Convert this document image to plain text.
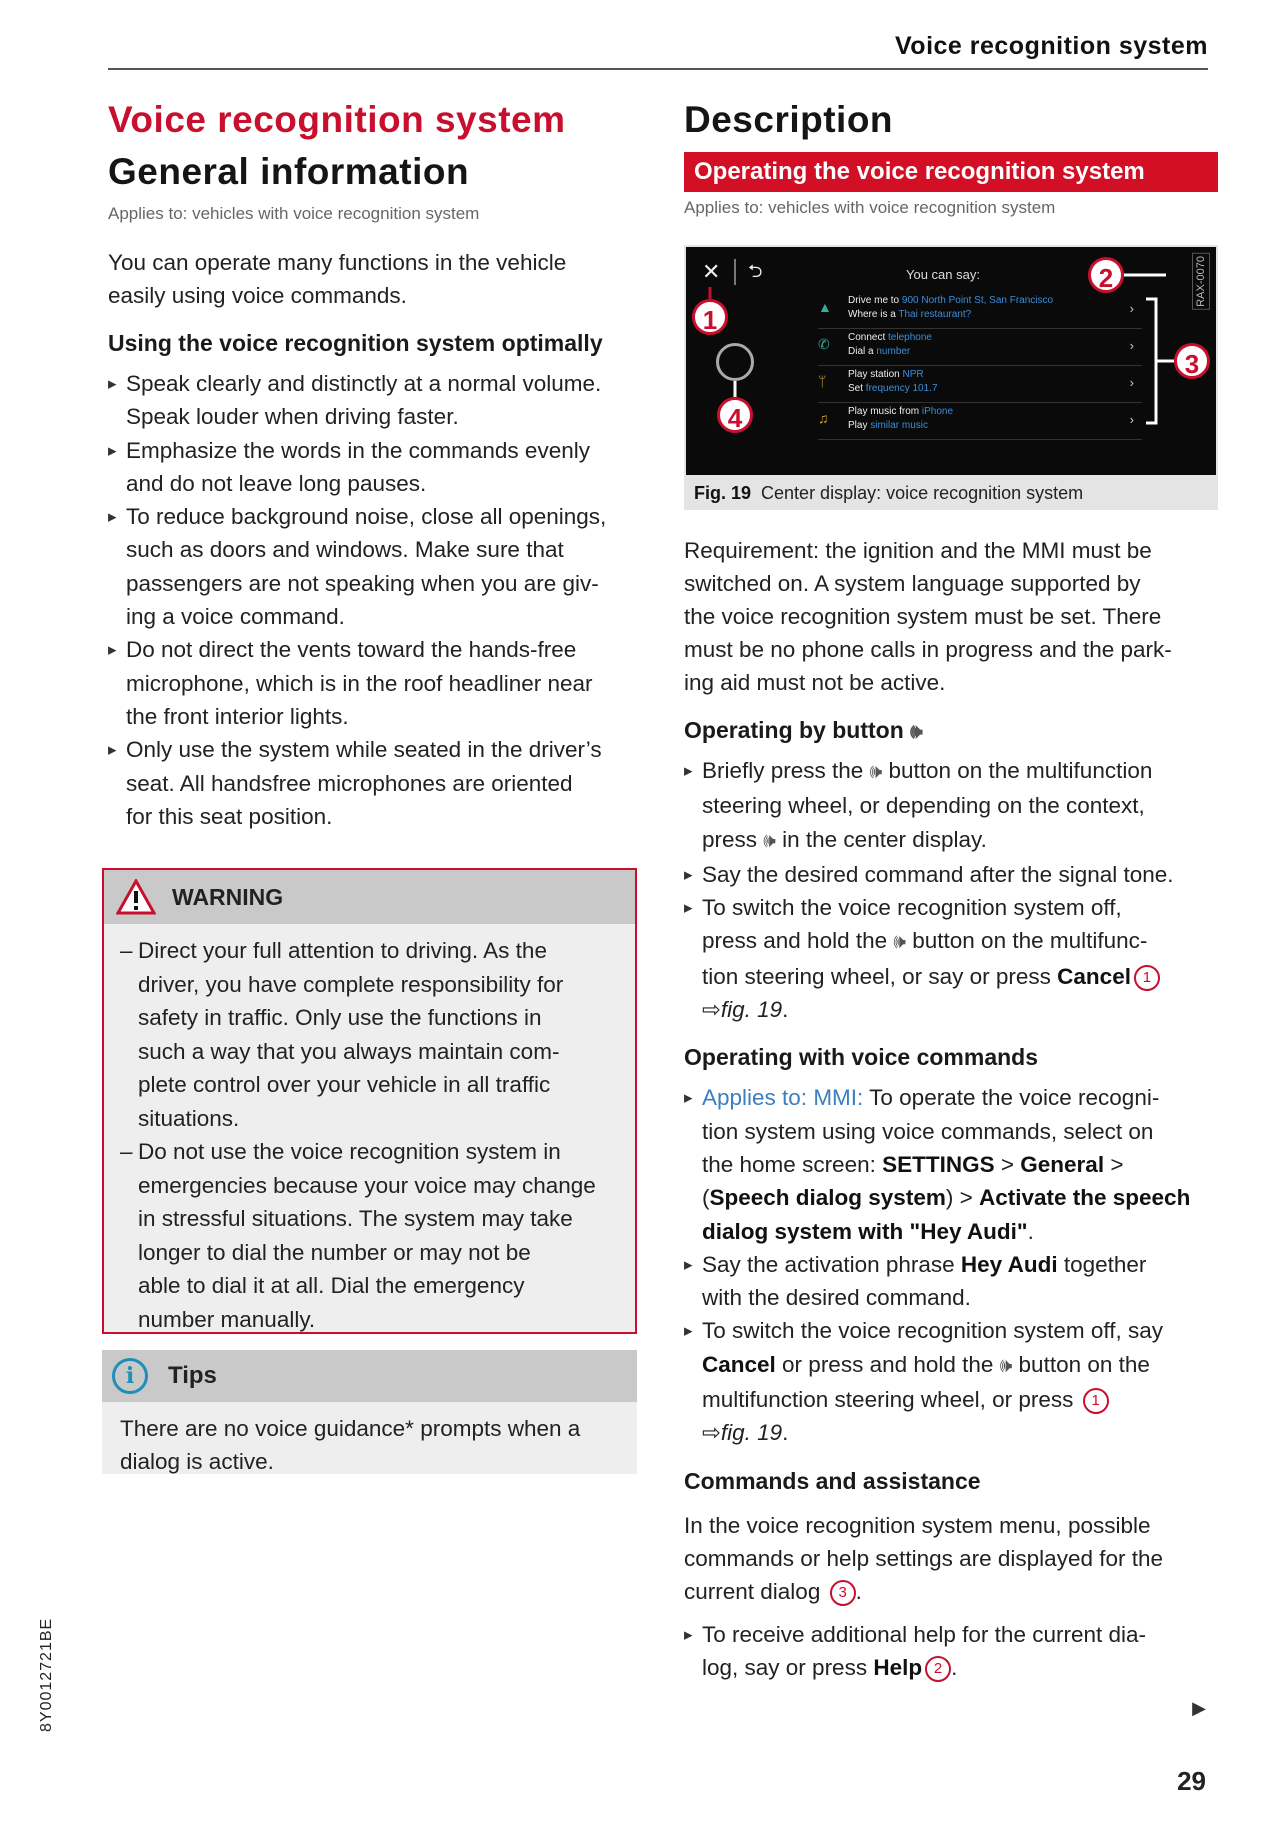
Voice recognition system
8Y0012721BE
29
▶
Voice recognition system
General information

Applies to: vehicles with voice recognition system

You can operate many functions in the vehicle
easily using voice commands.

Using the voice recognition system optimally

▸ Speak clearly and distinctly at a normal volume.
Speak louder when driving faster.
▸ Emphasize the words in the commands evenly
and do not leave long pauses.
▸ To reduce background noise, close all openings,
such as doors and windows. Make sure that
passengers are not speaking when you are giv-
ing a voice command.
▸ Do not direct the vents toward the hands-free
microphone, which is in the roof headliner near
the front interior lights.
▸ Only use the system while seated in the driver’s
seat. All handsfree microphones are oriented
for this seat position.
WARNING
– Direct your full attention to driving. As the
driver, you have complete responsibility for
safety in traffic. Only use the functions in
such a way that you always maintain com-
plete control over your vehicle in all traffic
situations.
– Do not use the voice recognition system in
emergencies because your voice may change
in stressful situations. The system may take
longer to dial the number or may not be
able to dial it at all. Dial the emergency
number manually.
i	Tips
There are no voice guidance* prompts when a
dialog is active.
Description
Operating the voice recognition system

Applies to: vehicles with voice recognition system

✕ ⮌	You can say:	RAX-0070
▲ Drive me to 900 North Point St, San Francisco
Where is a Thai restaurant?	›
✆ Connect telephone
Dial a number	›
ᛘ Play station NPR
Set frequency 101.7	›
♫ Play music from iPhone
Play similar music	›
1
2
3
4
Fig. 19 Center display: voice recognition system

Requirement: the ignition and the MMI must be
switched on. A system language supported by
the voice recognition system must be set. There
must be no phone calls in progress and the park-
ing aid must not be active.

Operating by button 🕪

▸ Briefly press the 🕪 button on the multifunction
steering wheel, or depending on the context,
press 🕪 in the center display.
▸ Say the desired command after the signal tone.
▸ To switch the voice recognition system off,
press and hold the 🕪 button on the multifunc-
tion steering wheel, or say or press Cancel 1
⇨fig. 19.

Operating with voice commands

▸ Applies to: MMI: To operate the voice recogni-
tion system using voice commands, select on
the home screen: SETTINGS > General >
(Speech dialog system) > Activate the speech
dialog system with "Hey Audi".
▸ Say the activation phrase Hey Audi together
with the desired command.
▸ To switch the voice recognition system off, say
Cancel or press and hold the 🕪 button on the
multifunction steering wheel, or press 1
⇨fig. 19.

Commands and assistance

In the voice recognition system menu, possible
commands or help settings are displayed for the
current dialog 3 .

▸ To receive additional help for the current dia-
log, say or press Help 2 .
